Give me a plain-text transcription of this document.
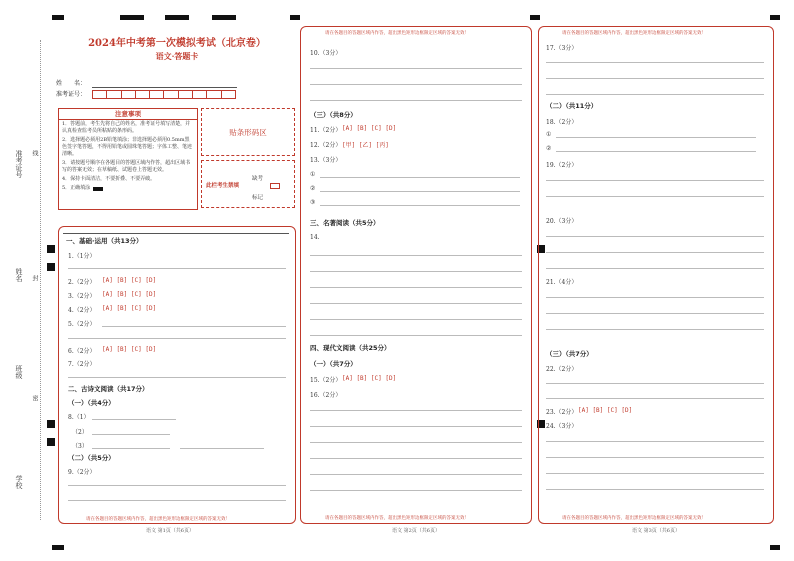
准考证号
姓名
班级
学校
线
封
密
2024年中考第一次模拟考试（北京卷）
语文·答题卡
姓　　名：
准考证号：
注意事项
1．答题前，考生先将自己的姓名，准考证号填写清楚，并认真检查监考员所粘贴的条形码。
2．选择题必须用2B铅笔填涂；非选择题必须用0.5mm黑色签字笔答题，不得用铅笔或圆珠笔答题；字体工整、笔迹清晰。
3．请按题号顺序在各题目的答题区域内作答，超出区域书写的答案无效；在草稿纸、试题卷上答题无效。
4．保持卡面清洁，不要折叠、不要弄破。
5．正确填涂
贴条形码区
此栏考生禁填
缺考
标记
一、基础·运用（共13分）
1.（1分）
2.（2分） [A] [B] [C] [D]
3.（2分） [A] [B] [C] [D]
4.（2分） [A] [B] [C] [D]
5.（2分）
6.（2分） [A] [B] [C] [D]
7.（2分）
二、古诗文阅读（共17分）
（一）（共4分）
8.（1）
（2）
（3）
（二）（共5分）
9.（2分）
请在各题目的答题区域内作答，超出黑色矩形边框限定区域的答案无效！
语文 第1页（共6页）
请在各题目的答题区域内作答，超出黑色矩形边框限定区域的答案无效！
10.（3分）
（三）（共8分）
11.（2分） [A] [B] [C] [D]
12.（2分） [甲] [乙] [丙]
13.（3分）
①
②
③
三、名著阅读（共5分）
14.
四、现代文阅读（共25分）
（一）（共7分）
15.（2分） [A] [B] [C] [D]
16.（2分）
请在各题目的答题区域内作答，超出黑色矩形边框限定区域的答案无效！
语文 第2页（共6页）
请在各题目的答题区域内作答，超出黑色矩形边框限定区域的答案无效！
17.（3分）
（二）（共11分）
18.（2分）
①
②
19.（2分）
20.（3分）
21.（4分）
（三）（共7分）
22.（2分）
23.（2分） [A] [B] [C] [D]
24.（3分）
请在各题目的答题区域内作答，超出黑色矩形边框限定区域的答案无效！
语文 第3页（共6页）
